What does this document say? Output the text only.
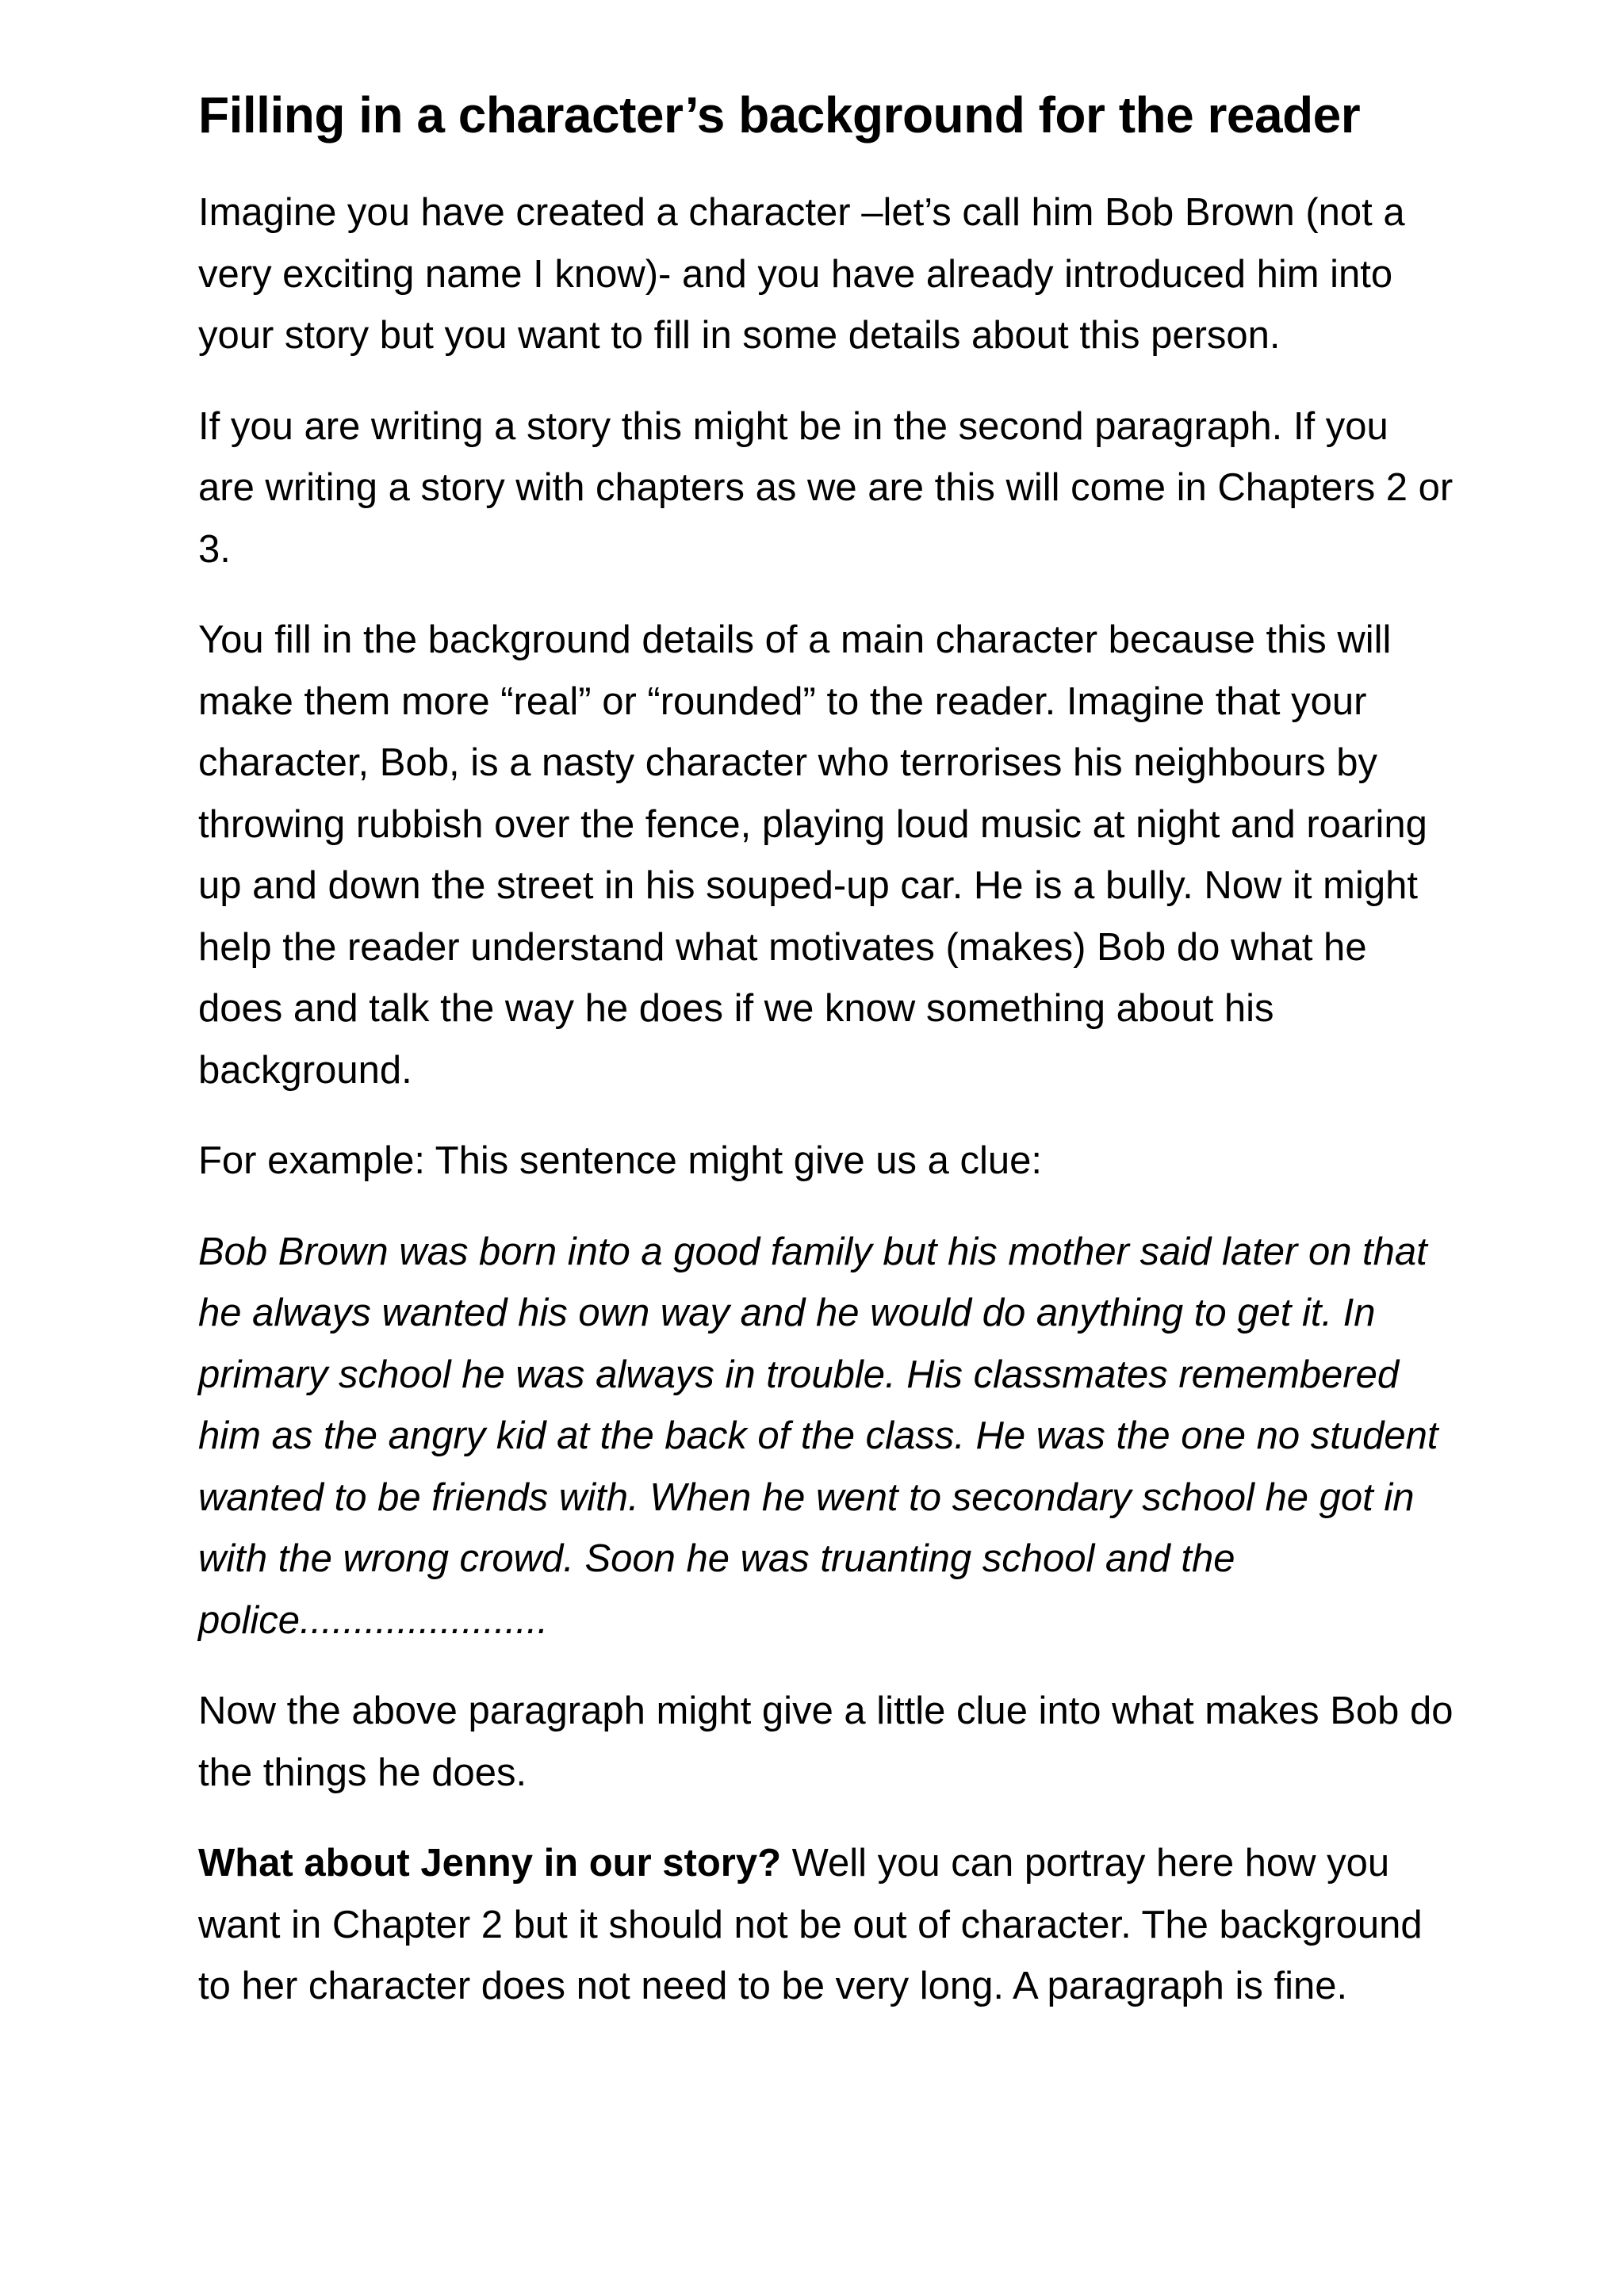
Filling in a character’s background for the reader

Imagine you have created a character –let’s call him Bob Brown (not a very exciting name I know)- and you have already introduced him into your story but you want to fill in some details about this person.

If you are writing a story this might be in the second paragraph. If you are writing a story with chapters as we are this will come in Chapters 2 or 3.

You fill in the background details of a main character because this will make them more “real” or “rounded” to the reader. Imagine that your character, Bob, is a nasty character who terrorises his neighbours by throwing rubbish over the fence, playing loud music at night and roaring up and down the street in his souped-up car. He is a bully. Now it might help the reader understand what motivates (makes) Bob do what he does and talk the way he does if we know something about his background.

For example: This sentence might give us a clue:

Bob Brown was born into a good family but his mother said later on that he always wanted his own way and he would do anything to get it. In primary school he was always in trouble. His classmates remembered him as the angry kid at the back of the class. He was the one no student wanted to be friends with. When he went to secondary school he got in with the wrong crowd. Soon he was truanting school and the police.......................

Now the above paragraph might give a little clue into what makes Bob do the things he does.

What about Jenny in our story? Well you can portray here how you want in Chapter 2 but it should not be out of character. The background to her character does not need to be very long. A paragraph is fine.
